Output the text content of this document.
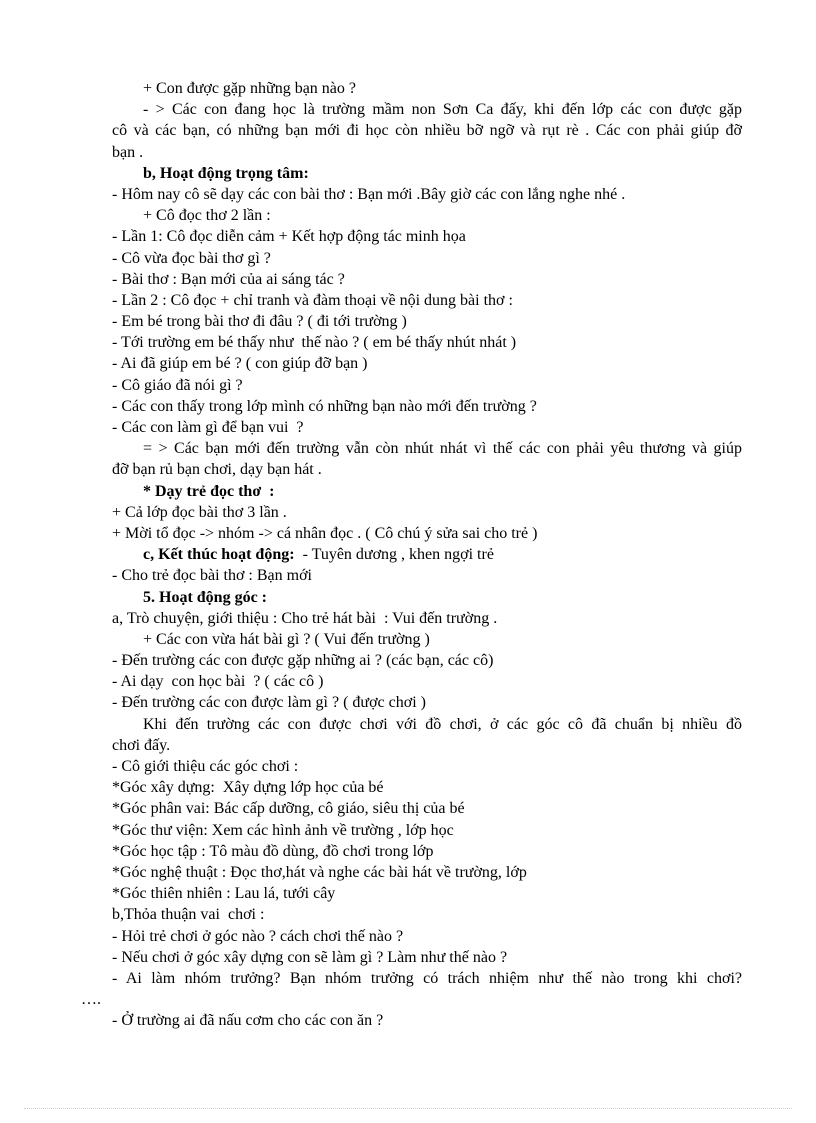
+ Con được gặp những bạn nào ?
- > Các con đang học là trường mầm non Sơn Ca đấy, khi đến lớp các con được gặp
cô và các bạn, có những bạn mới đi học còn nhiều bỡ ngỡ và rụt rè . Các con phải giúp đỡ
bạn .
b, Hoạt động trọng tâm:
- Hôm nay cô sẽ dạy các con bài thơ : Bạn mới .Bây giờ các con lắng nghe nhé .
+ Cô đọc thơ 2 lần :
- Lần 1: Cô đọc diễn cảm + Kết hợp động tác minh họa
- Cô vừa đọc bài thơ gì ?
- Bài thơ : Bạn mới của ai sáng tác ?
- Lần 2 : Cô đọc + chỉ tranh và đàm thoại về nội dung bài thơ :
- Em bé trong bài thơ đi đâu ? ( đi tới trường )
- Tới trường em bé thấy như  thế nào ? ( em bé thấy nhút nhát )
- Ai đã giúp em bé ? ( con giúp đỡ bạn )
- Cô giáo đã nói gì ?
- Các con thấy trong lớp mình có những bạn nào mới đến trường ?
- Các con làm gì để bạn vui  ?
= > Các bạn mới đến trường vẫn còn nhút nhát vì thế các con phải yêu thương và giúp
đỡ bạn rủ bạn chơi, dạy bạn hát .
* Dạy trẻ đọc thơ  :
+ Cả lớp đọc bài thơ 3 lần .
+ Mời tổ đọc -> nhóm -> cá nhân đọc . ( Cô chú ý sửa sai cho trẻ )
c, Kết thúc hoạt động:  - Tuyên dương , khen ngợi trẻ
- Cho trẻ đọc bài thơ : Bạn mới
5. Hoạt động góc :
a, Trò chuyện, giới thiệu : Cho trẻ hát bài  : Vui đến trường .
+ Các con vừa hát bài gì ? ( Vui đến trường )
- Đến trường các con được gặp những ai ? (các bạn, các cô)
- Ai dạy  con học bài  ? ( các cô )
- Đến trường các con được làm gì ? ( được chơi )
Khi đến trường các con được chơi với đồ chơi, ở các góc cô đã chuẩn bị nhiều đồ
chơi đấy.
- Cô giới thiệu các góc chơi :
*Góc xây dựng:  Xây dựng lớp học của bé
*Góc phân vai: Bác cấp dưỡng, cô giáo, siêu thị của bé
*Góc thư viện: Xem các hình ảnh về trường , lớp học
*Góc học tập : Tô màu đồ dùng, đồ chơi trong lớp
*Góc nghệ thuật : Đọc thơ,hát và nghe các bài hát về trường, lớp
*Góc thiên nhiên : Lau lá, tưới cây
b,Thỏa thuận vai  chơi :
- Hỏi trẻ chơi ở góc nào ? cách chơi thế nào ?
- Nếu chơi ở góc xây dựng con sẽ làm gì ? Làm như thế nào ?
- Ai làm nhóm trưởng? Bạn nhóm trưởng có trách nhiệm như thế nào trong khi chơi?
….
- Ở trường ai đã nấu cơm cho các con ăn ?
